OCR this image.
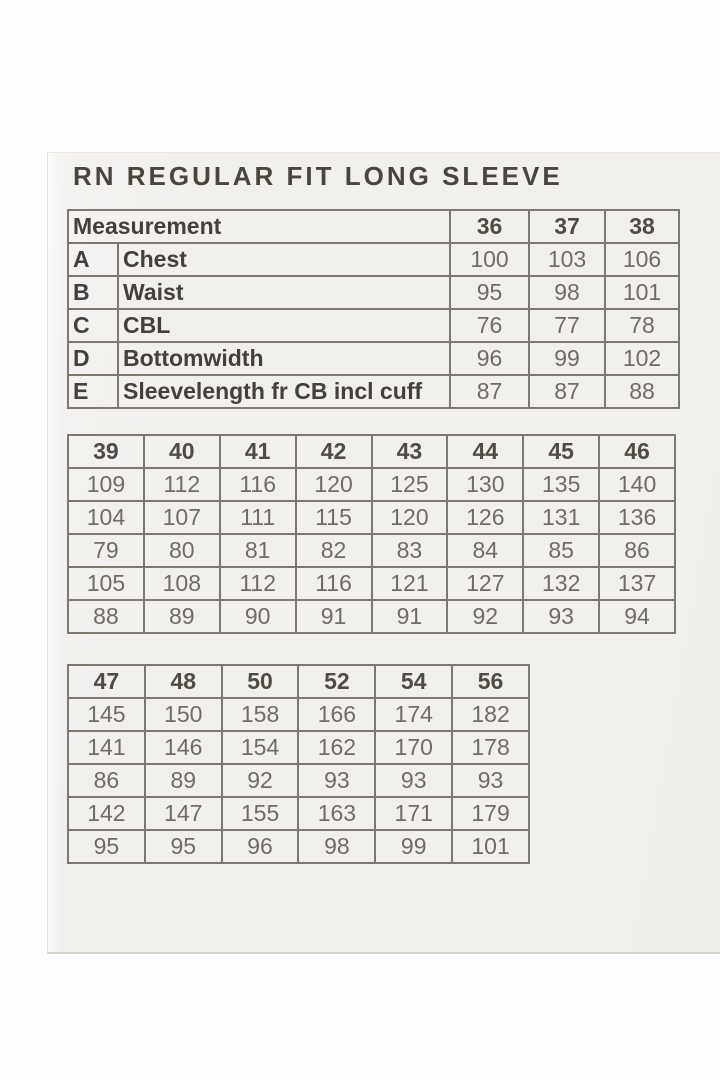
RN REGULAR FIT LONG SLEEVE
Measurement		36	37	38
A	Chest	100	103	106
B	Waist	95	98	101
C	CBL	76	77	78
D	Bottomwidth	96	99	102
E	Sleevelength fr CB incl cuff	87	87	88
39	40	41	42	43	44	45	46
109	112	116	120	125	130	135	140
104	107	111	115	120	126	131	136
79	80	81	82	83	84	85	86
105	108	112	116	121	127	132	137
88	89	90	91	91	92	93	94
47	48	50	52	54	56
145	150	158	166	174	182
141	146	154	162	170	178
86	89	92	93	93	93
142	147	155	163	171	179
95	95	96	98	99	101
